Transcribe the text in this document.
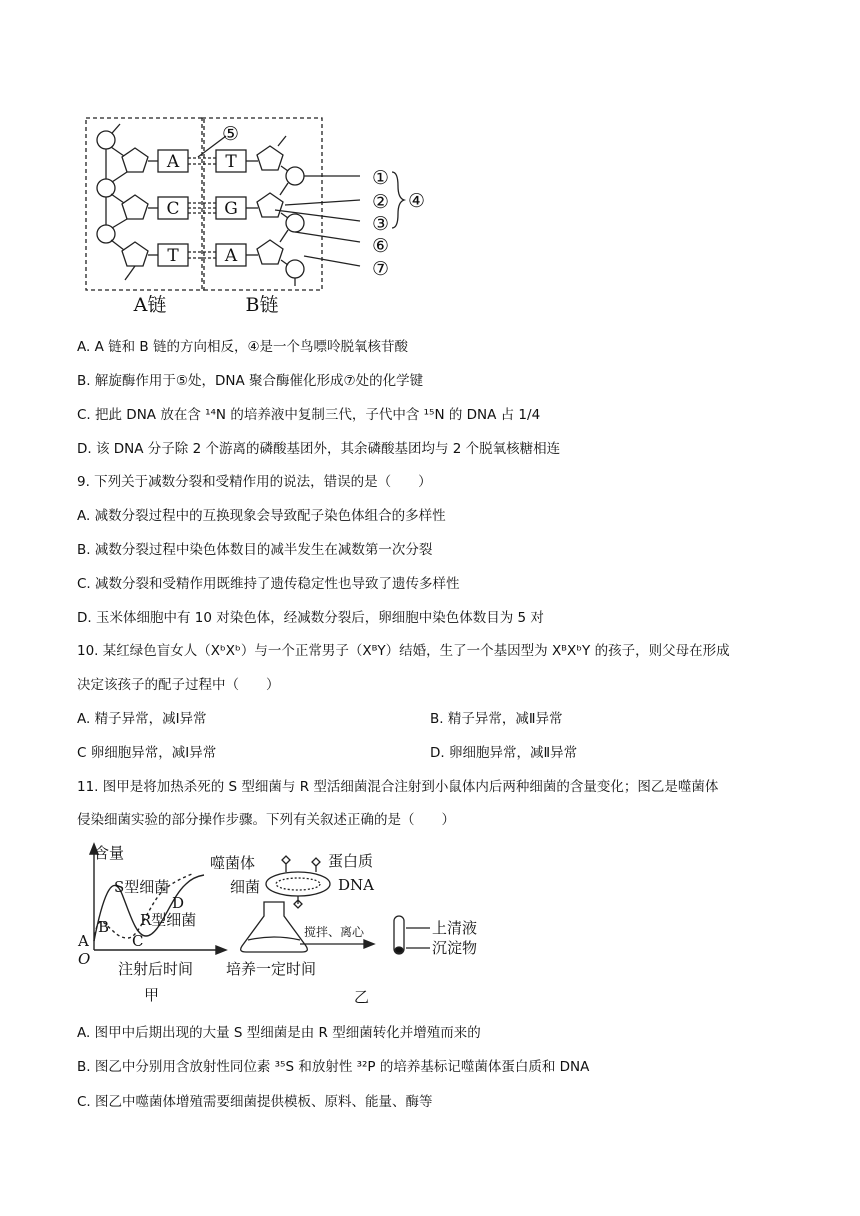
A
C
T
T
G
A
①
②
③
④
⑤
⑥
⑦
A链	B链
A. A 链和 B 链的方向相反，④是一个鸟嘌呤脱氧核苷酸
B. 解旋酶作用于⑤处，DNA 聚合酶催化形成⑦处的化学键
C. 把此 DNA 放在含 ¹⁴N 的培养液中复制三代，子代中含 ¹⁵N 的 DNA 占 1/4
D. 该 DNA 分子除 2 个游离的磷酸基团外，其余磷酸基团均与 2 个脱氧核糖相连
9. 下列关于减数分裂和受精作用的说法，错误的是（　　）
A. 减数分裂过程中的互换现象会导致配子染色体组合的多样性
B. 减数分裂过程中染色体数目的减半发生在减数第一次分裂
C. 减数分裂和受精作用既维持了遗传稳定性也导致了遗传多样性
D. 玉米体细胞中有 10 对染色体，经减数分裂后，卵细胞中染色体数目为 5 对
10. 某红绿色盲女人（XᵇXᵇ）与一个正常男子（XᴮY）结婚，生了一个基因型为 XᴮXᵇY 的孩子，则父母在形成
决定该孩子的配子过程中（　　）
A. 精子异常，减Ⅰ异常	B. 精子异常，减Ⅱ异常
C 卵细胞异常，减Ⅰ异常	D. 卵细胞异常，减Ⅱ异常
11. 图甲是将加热杀死的 S 型细菌与 R 型活细菌混合注射到小鼠体内后两种细菌的含量变化；图乙是噬菌体
侵染细菌实验的部分操作步骤。下列有关叙述正确的是（　　）
含量
S型细菌
R型细菌
A
B
C
D
O
注射后时间
甲
噬菌体	蛋白质
细菌	DNA
搅拌、离心	上清液
沉淀物
培养一定时间
乙
A. 图甲中后期出现的大量 S 型细菌是由 R 型细菌转化并增殖而来的
B. 图乙中分别用含放射性同位素 ³⁵S 和放射性 ³²P 的培养基标记噬菌体蛋白质和 DNA
C. 图乙中噬菌体增殖需要细菌提供模板、原料、能量、酶等
